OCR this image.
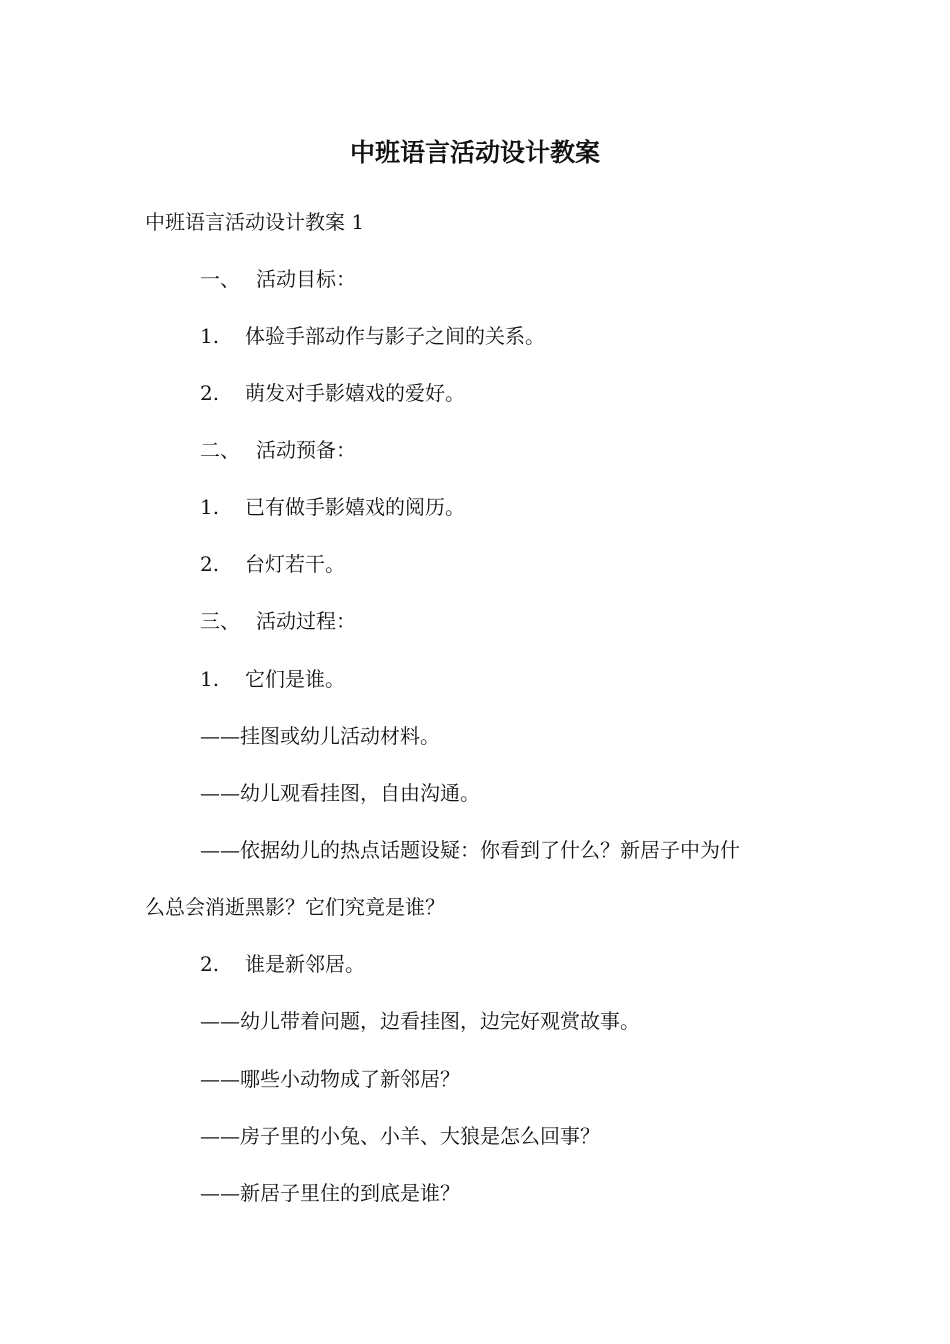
中班语言活动设计教案

中班语言活动设计教案 1

一、 活动目标：

1. 体验手部动作与影子之间的关系。

2. 萌发对手影嬉戏的爱好。

二、 活动预备：

1. 已有做手影嬉戏的阅历。

2. 台灯若干。

三、 活动过程：

1. 它们是谁。

——挂图或幼儿活动材料。

——幼儿观看挂图，自由沟通。

——依据幼儿的热点话题设疑：你看到了什么？新居子中为什

么总会消逝黑影？它们究竟是谁？

2. 谁是新邻居。

——幼儿带着问题，边看挂图，边完好观赏故事。

——哪些小动物成了新邻居？

——房子里的小兔、小羊、大狼是怎么回事？

——新居子里住的到底是谁？
